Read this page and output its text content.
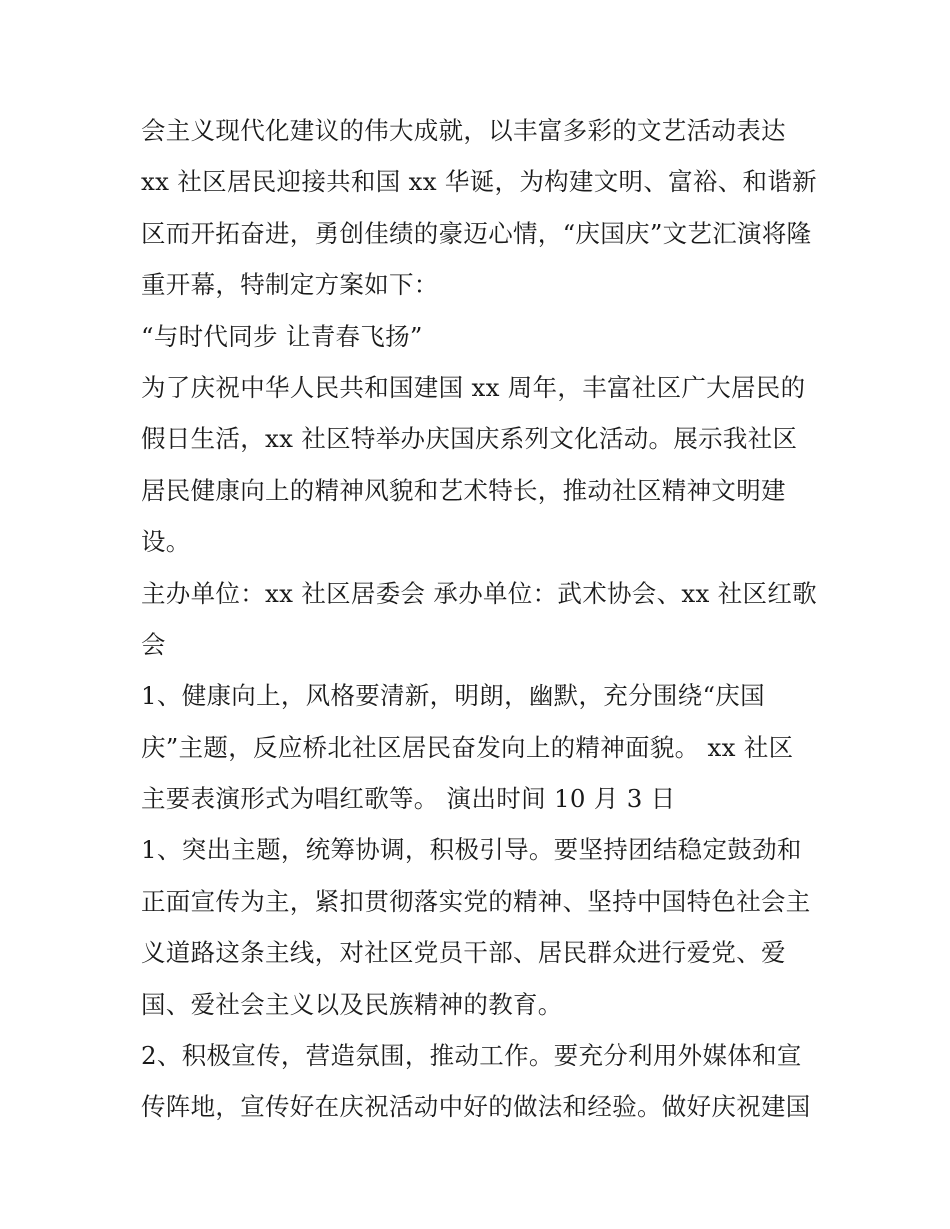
会主义现代化建议的伟大成就，以丰富多彩的文艺活动表达
xx 社区居民迎接共和国 xx 华诞，为构建文明、富裕、和谐新
区而开拓奋进，勇创佳绩的豪迈心情，“庆国庆”文艺汇演将隆
重开幕，特制定方案如下：
“与时代同步 让青春飞扬”
为了庆祝中华人民共和国建国 xx 周年，丰富社区广大居民的
假日生活，xx 社区特举办庆国庆系列文化活动。展示我社区
居民健康向上的精神风貌和艺术特长，推动社区精神文明建
设。
主办单位：xx 社区居委会 承办单位：武术协会、xx 社区红歌
会
1、健康向上，风格要清新，明朗，幽默，充分围绕“庆国
庆”主题，反应桥北社区居民奋发向上的精神面貌。 xx 社区
主要表演形式为唱红歌等。 演出时间 10 月 3 日
1、突出主题，统筹协调，积极引导。要坚持团结稳定鼓劲和
正面宣传为主，紧扣贯彻落实党的精神、坚持中国特色社会主
义道路这条主线，对社区党员干部、居民群众进行爱党、爱
国、爱社会主义以及民族精神的教育。
2、积极宣传，营造氛围，推动工作。要充分利用外媒体和宣
传阵地，宣传好在庆祝活动中好的做法和经验。做好庆祝建国
